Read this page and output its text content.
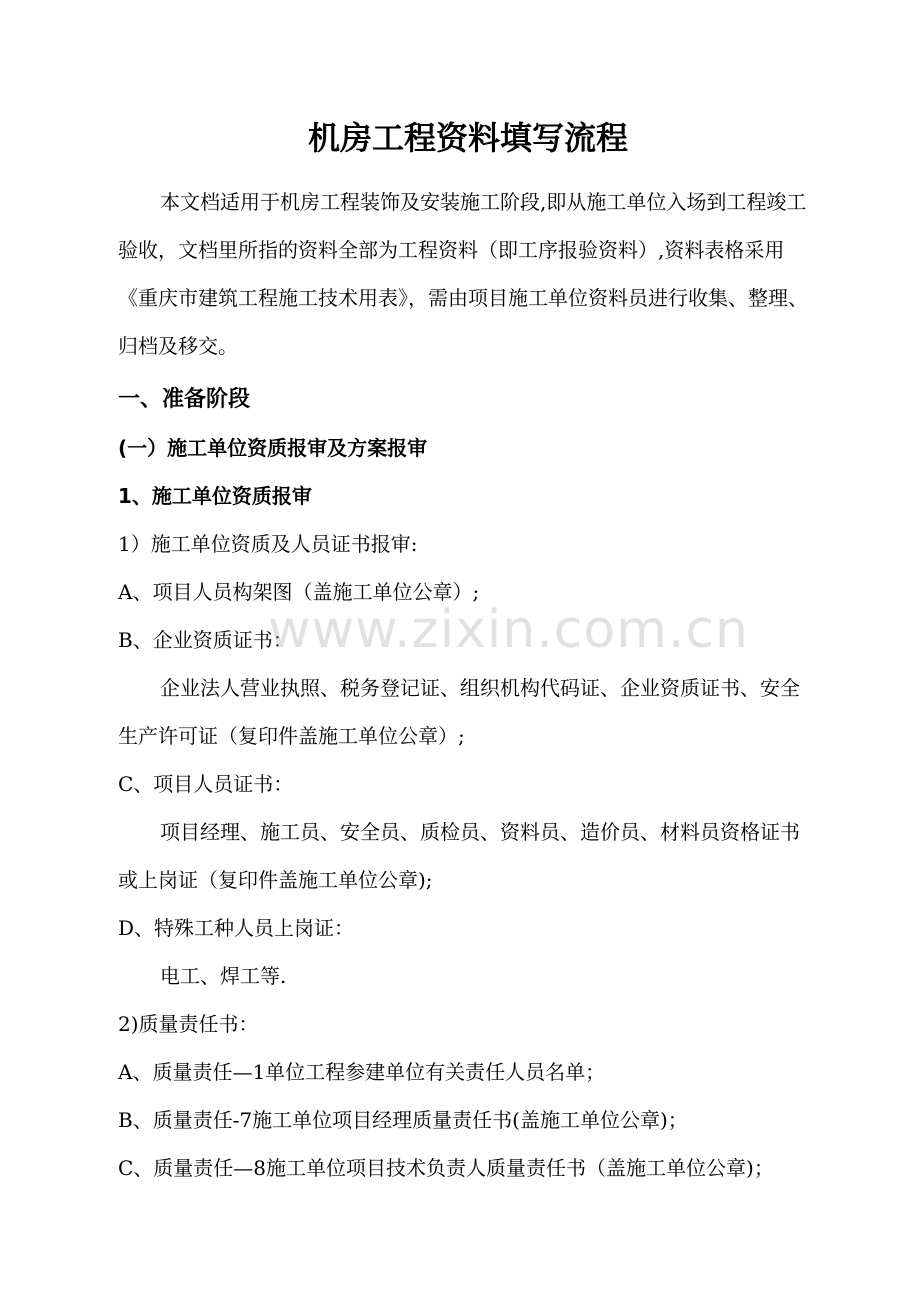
机房工程资料填写流程

本文档适用于机房工程装饰及安装施工阶段,即从施工单位入场到工程竣工验收，文档里所指的资料全部为工程资料（即工序报验资料）,资料表格采用《重庆市建筑工程施工技术用表》，需由项目施工单位资料员进行收集、整理、归档及移交。

一、准备阶段

(一）施工单位资质报审及方案报审

1、施工单位资质报审

1）施工单位资质及人员证书报审:

A、项目人员构架图（盖施工单位公章）;

B、企业资质证书：

企业法人营业执照、税务登记证、组织机构代码证、企业资质证书、安全生产许可证（复印件盖施工单位公章）;

C、项目人员证书：

项目经理、施工员、安全员、质检员、资料员、造价员、材料员资格证书或上岗证（复印件盖施工单位公章);

D、特殊工种人员上岗证：

电工、焊工等.

2)质量责任书：

A、质量责任—1单位工程参建单位有关责任人员名单；

B、质量责任-7施工单位项目经理质量责任书(盖施工单位公章)；

C、质量责任—8施工单位项目技术负责人质量责任书（盖施工单位公章)；

www.zixin.com.cn
